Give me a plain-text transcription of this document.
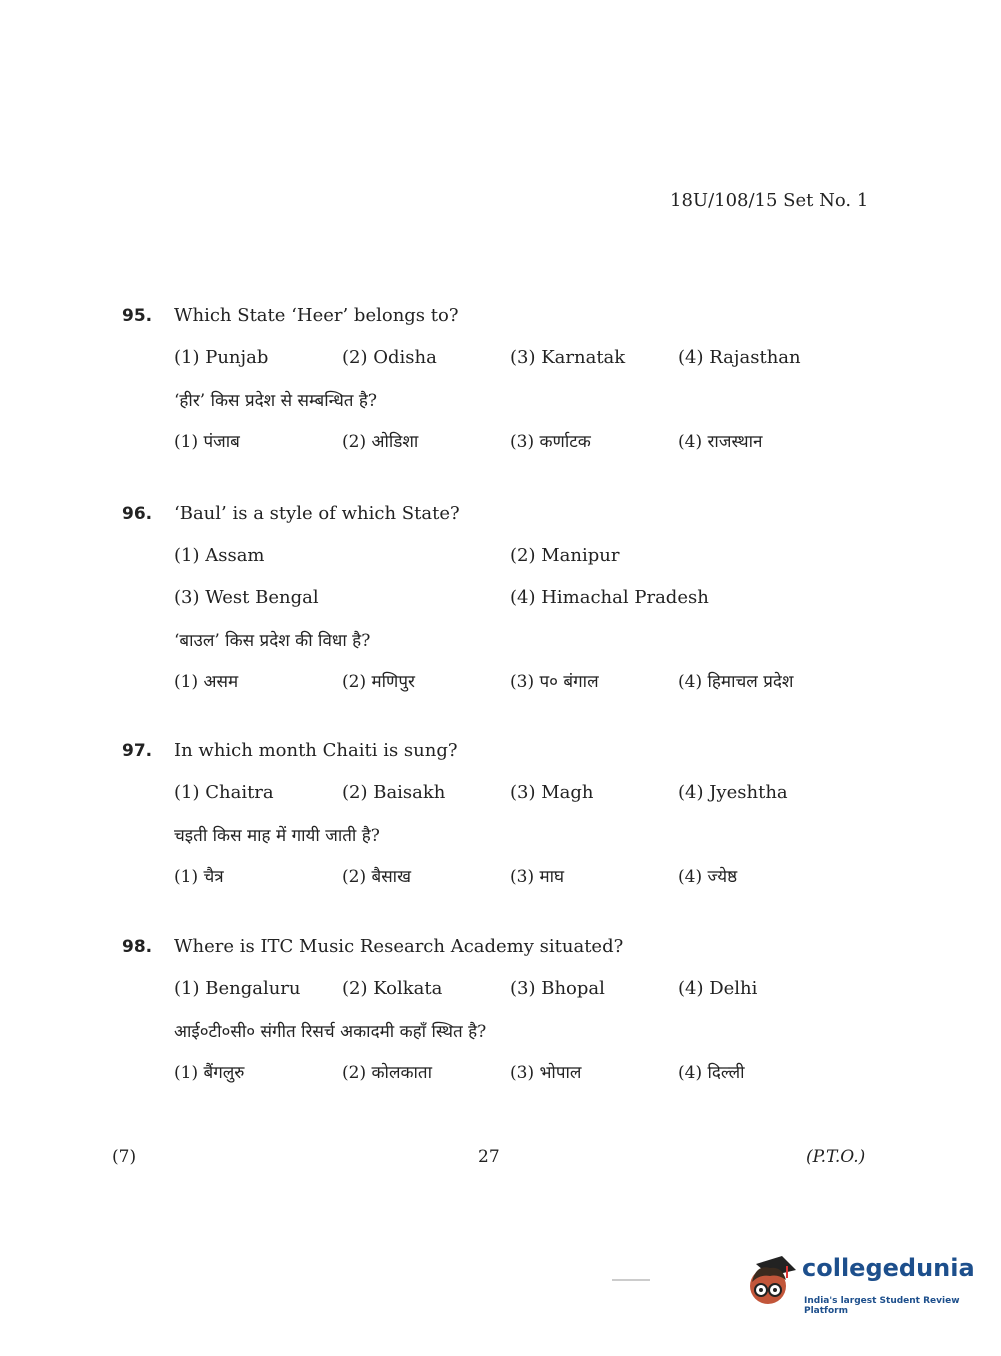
18U/108/15 Set No. 1
95.	Which State ‘Heer’ belongs to?
(1) Punjab	(2) Odisha	(3) Karnatak	(4) Rajasthan
‘हीर’ किस प्रदेश से सम्बन्धित है?
(1) पंजाब	(2) ओडिशा	(3) कर्णाटक	(4) राजस्थान
96.	‘Baul’ is a style of which State?
(1) Assam	(2) Manipur
(3) West Bengal	(4) Himachal Pradesh
‘बाउल’ किस प्रदेश की विधा है?
(1) असम	(2) मणिपुर	(3) प० बंगाल	(4) हिमाचल प्रदेश
97.	In which month Chaiti is sung?
(1) Chaitra	(2) Baisakh	(3) Magh	(4) Jyeshtha
चइती किस माह में गायी जाती है?
(1) चैत्र	(2) बैसाख	(3) माघ	(4) ज्येष्ठ
98.	Where is ITC Music Research Academy situated?
(1) Bengaluru (2) Kolkata	(3) Bhopal	(4) Delhi
आई०टी०सी० संगीत रिसर्च अकादमी कहाँ स्थित है?
(1) बैंगलुरु	(2) कोलकाता	(3) भोपाल	(4) दिल्ली
(7)	27	(P.T.O.)
collegedunia
India's largest Student Review Platform
